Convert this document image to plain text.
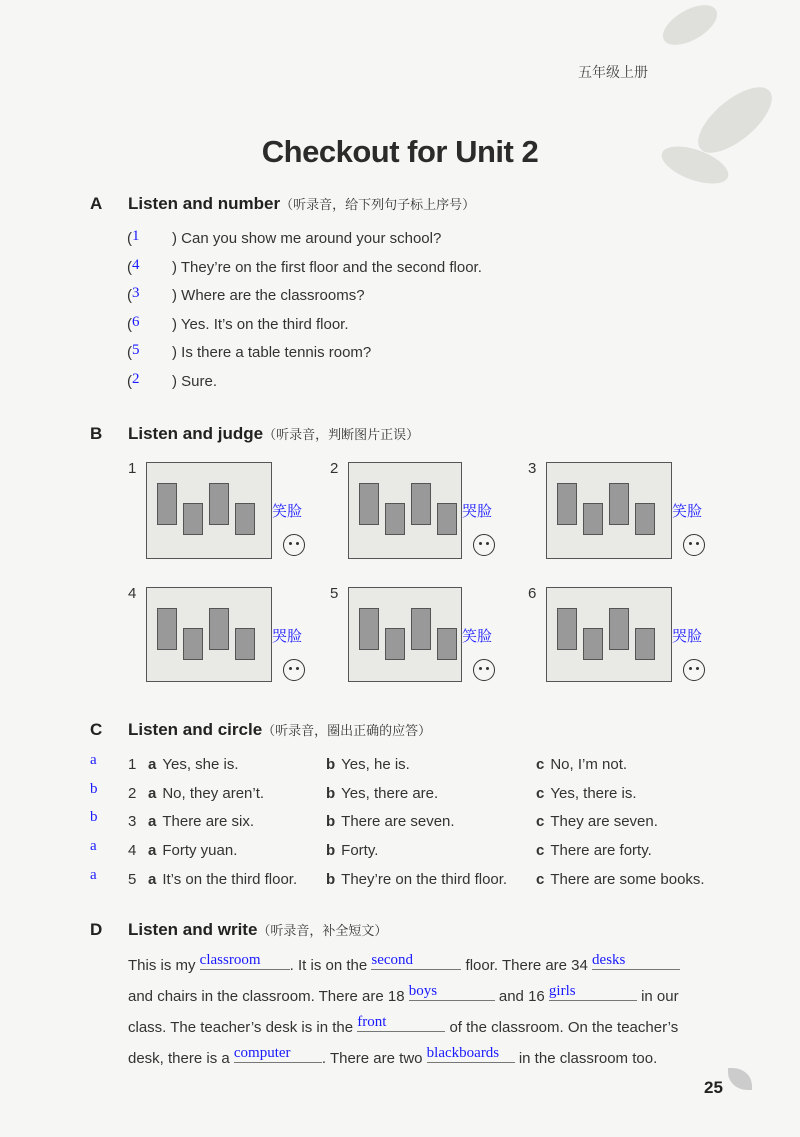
五年级上册
Checkout for Unit 2
A Listen and number（听录音，给下列句子标上序号）
(1 ) Can you show me around your school?
(4 ) They’re on the first floor and the second floor.
(3 ) Where are the classrooms?
(6 ) Yes. It’s on the third floor.
(5 ) Is there a table tennis room?
(2 ) Sure.
B Listen and judge（听录音，判断图片正误）
1
笑脸
2
哭脸
3
笑脸
4
哭脸
5
笑脸
6
哭脸
C Listen and circle（听录音，圈出正确的应答）
a 1 a Yes, she is.	b Yes, he is.	c No, I’m not.
b 2 a No, they aren’t.	b Yes, there are.	c Yes, there is.
b 3 a There are six.	b There are seven.	c They are seven.
a 4 a Forty yuan.	b Forty.	c There are forty.
a 5 a It’s on the third floor. b They’re on the third floor. c There are some books.
D Listen and write（听录音，补全短文）
This is my classroom . It is on the second	floor. There are 34 desks
and chairs in the classroom. There are 18 boys	and 16 girls	in our class. The teacher’s desk is in the front	of the classroom. On the teacher’s desk, there is a computer . There are two blackboards in the classroom too.
25
